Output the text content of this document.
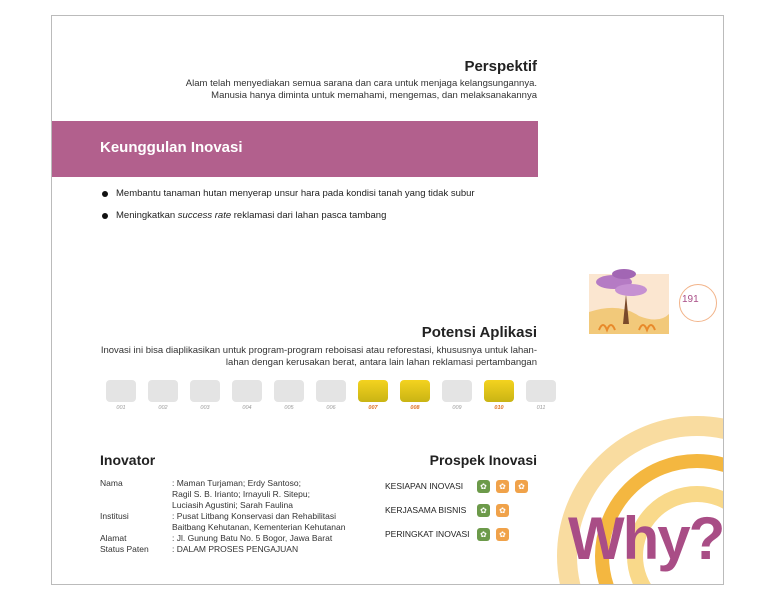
Perspektif
Alam telah menyediakan semua sarana dan cara untuk menjaga kelangsungannya.
Manusia hanya diminta untuk memahami, mengemas, dan melaksanakannya
Keunggulan Inovasi
Membantu tanaman hutan menyerap unsur hara pada kondisi tanah yang tidak subur
Meningkatkan success rate reklamasi dari lahan pasca tambang
191
Potensi Aplikasi
Inovasi ini bisa diaplikasikan untuk program-program reboisasi atau reforestasi, khususnya untuk lahan-
lahan dengan kerusakan berat, antara lain lahan reklamasi pertambangan
001	002	003	004	005	006	007	008	009	010	011
Inovator
Nama	: Maman Turjaman; Erdy Santoso;
Ragil S. B. Irianto; Irnayuli R. Sitepu;
Luciasih Agustini; Sarah Faulina
Institusi	: Pusat Litbang Konservasi dan Rehabilitasi
Baitbang Kehutanan, Kementerian Kehutanan
Alamat	: Jl. Gunung Batu No. 5 Bogor, Jawa Barat
Status Paten	: DALAM PROSES PENGAJUAN
Prospek Inovasi
KESIAPAN INOVASI	✿	✿	✿
KERJASAMA BISNIS	✿	✿
PERINGKAT INOVASI	✿	✿ Why?
